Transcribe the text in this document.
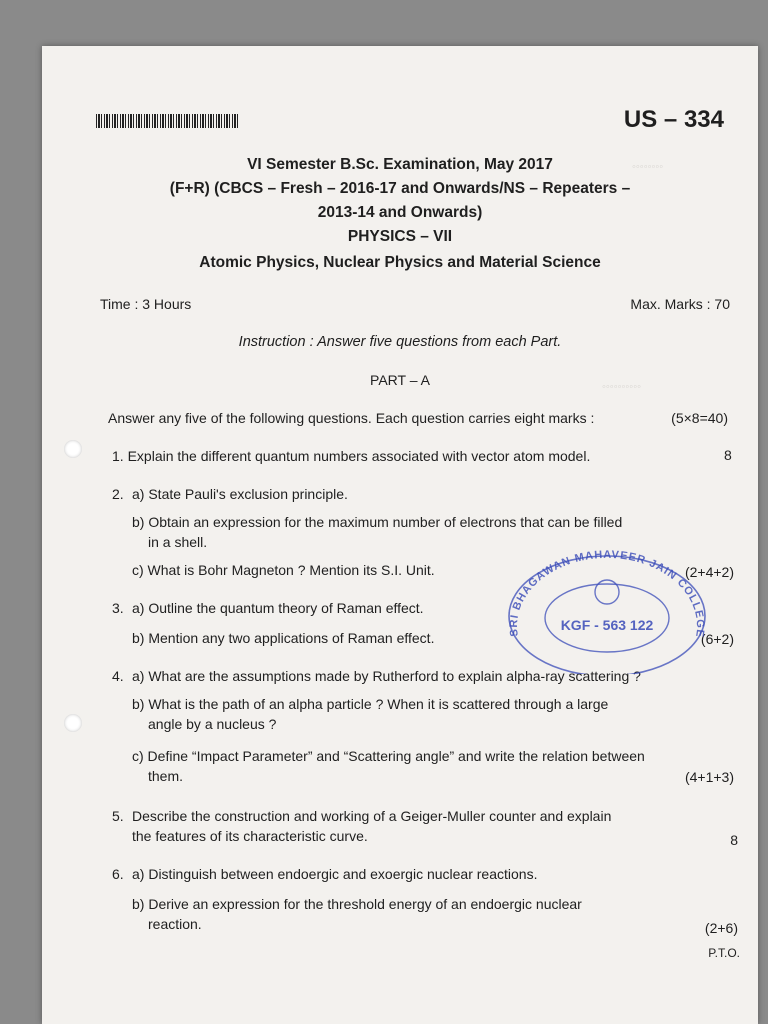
◦◦◦◦◦◦◦◦
◦◦◦◦◦◦◦◦◦◦
US – 334
VI Semester B.Sc. Examination, May 2017
(F+R) (CBCS – Fresh – 2016-17 and Onwards/NS – Repeaters –
2013-14 and Onwards)
PHYSICS – VII
Atomic Physics, Nuclear Physics and Material Science
Time : 3 Hours	Max. Marks : 70
Instruction : Answer five questions from each Part.
PART – A
Answer any five of the following questions. Each question carries eight marks :	(5×8=40)
1. Explain the different quantum numbers associated with vector atom model.	8
2. a) State Pauli's exclusion principle.
b) Obtain an expression for the maximum number of electrons that can be filled
in a shell.
c) What is Bohr Magneton ? Mention its S.I. Unit.	(2+4+2)
3. a) Outline the quantum theory of Raman effect.
b) Mention any two applications of Raman effect.	(6+2)
4. a) What are the assumptions made by Rutherford to explain alpha-ray scattering ?
b) What is the path of an alpha particle ? When it is scattered through a large
angle by a nucleus ?
c) Define “Impact Parameter” and “Scattering angle” and write the relation between
them.	(4+1+3)
5. Describe the construction and working of a Geiger-Muller counter and explain
the features of its characteristic curve.	8
6. a) Distinguish between endoergic and exoergic nuclear reactions.
b) Derive an expression for the threshold energy of an endoergic nuclear
reaction.	(2+6)
P.T.O.
SRI BHAGAWAN MAHAVEER JAIN COLLEGE
KGF - 563 122
